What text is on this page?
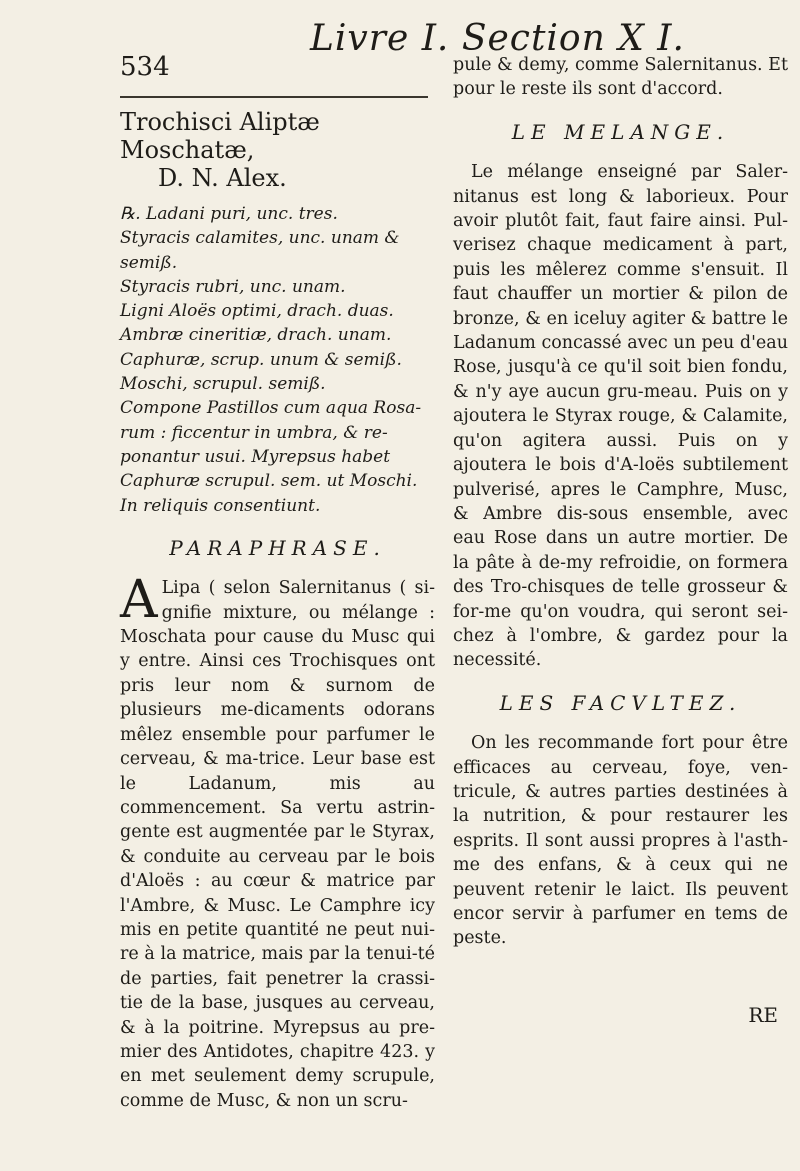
534
Livre I. Section X I.
Trochisci Aliptæ Moschatæ,
D. N. Alex.
℞. Ladani puri, unc. tres.
Styracis calamites, unc. unam &
semiß.
Styracis rubri, unc. unam.
Ligni Aloës optimi, drach. duas.
Ambræ cineritiæ, drach. unam.
Caphuræ, scrup. unum & semiß.
Moschi, scrupul. semiß.
Compone Pastillos cum aqua Rosa-
rum : ficcentur in umbra, & re-
ponantur usui. Myrepsus habet
Caphuræ scrupul. sem. ut Moschi.
In reliquis consentiunt.
PARAPHRASE.
A Lipa ( selon Salernitanus ( si-gnifie mixture, ou mélange : Moschata pour cause du Musc qui y entre. Ainsi ces Trochisques ont pris leur nom & surnom de plusieurs me-dicaments odorans mêlez ensemble pour parfumer le cerveau, & ma-trice. Leur base est le Ladanum, mis au commencement. Sa vertu astrin-gente est augmentée par le Styrax, & conduite au cerveau par le bois d'Aloës : au cœur & matrice par l'Ambre, & Musc. Le Camphre icy mis en petite quantité ne peut nui-re à la matrice, mais par la tenui-té de parties, fait penetrer la crassi-tie de la base, jusques au cerveau, & à la poitrine. Myrepsus au pre-mier des Antidotes, chapitre 423. y en met seulement demy scrupule, comme de Musc, & non un scru-
pule & demy, comme Salernitanus. Et pour le reste ils sont d'accord.
LE MELANGE.
Le mélange enseigné par Saler-nitanus est long & laborieux. Pour avoir plutôt fait, faut faire ainsi. Pul-verisez chaque medicament à part, puis les mêlerez comme s'ensuit. Il faut chauffer un mortier & pilon de bronze, & en iceluy agiter & battre le Ladanum concassé avec un peu d'eau Rose, jusqu'à ce qu'il soit bien fondu, & n'y aye aucun gru-meau. Puis on y ajoutera le Styrax rouge, & Calamite, qu'on agitera aussi. Puis on y ajoutera le bois d'A-loës subtilement pulverisé, apres le Camphre, Musc, & Ambre dis-sous ensemble, avec eau Rose dans un autre mortier. De la pâte à de-my refroidie, on formera des Tro-chisques de telle grosseur & for-me qu'on voudra, qui seront sei-chez à l'ombre, & gardez pour la necessité.
LES FACVLTEZ.
On les recommande fort pour être efficaces au cerveau, foye, ven-tricule, & autres parties destinées à la nutrition, & pour restaurer les esprits. Il sont aussi propres à l'asth-me des enfans, & à ceux qui ne peuvent retenir le laict. Ils peuvent encor servir à parfumer en tems de peste.
RE
